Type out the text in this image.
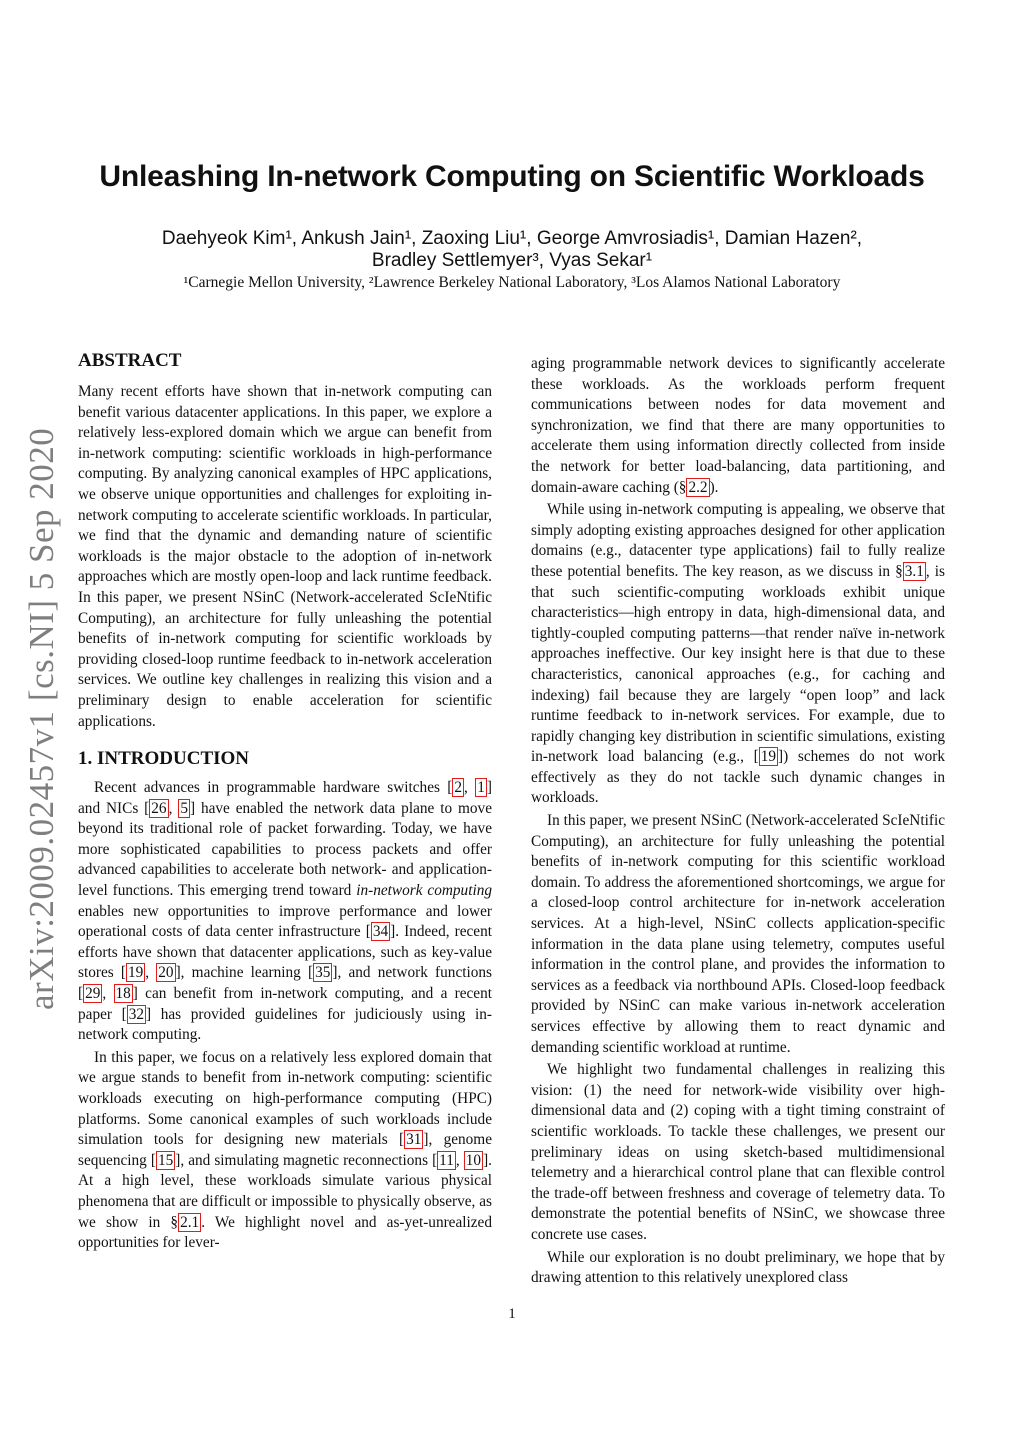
Unleashing In-network Computing on Scientific Workloads
Daehyeok Kim¹, Ankush Jain¹, Zaoxing Liu¹, George Amvrosiadis¹, Damian Hazen²,
Bradley Settlemyer³, Vyas Sekar¹
¹Carnegie Mellon University, ²Lawrence Berkeley National Laboratory, ³Los Alamos National Laboratory
arXiv:2009.02457v1 [cs.NI] 5 Sep 2020
ABSTRACT

Many recent efforts have shown that in-network computing can benefit various datacenter applications. In this paper, we explore a relatively less-explored domain which we argue can benefit from in-network computing: scientific workloads in high-performance computing. By analyzing canonical examples of HPC applications, we observe unique opportunities and challenges for exploiting in-network computing to accelerate scientific workloads. In particular, we find that the dynamic and demanding nature of scientific workloads is the major obstacle to the adoption of in-network approaches which are mostly open-loop and lack runtime feedback. In this paper, we present NSinC (Network-accelerated ScIeNtific Computing), an architecture for fully unleashing the potential benefits of in-network computing for scientific workloads by providing closed-loop runtime feedback to in-network acceleration services. We outline key challenges in realizing this vision and a preliminary design to enable acceleration for scientific applications.

1. INTRODUCTION

Recent advances in programmable hardware switches [ 2 , 1 ] and NICs [ 26 , 5 ] have enabled the network data plane to move beyond its traditional role of packet forwarding. Today, we have more sophisticated capabilities to process packets and offer advanced capabilities to accelerate both network- and application-level functions. This emerging trend toward in-network computing enables new opportunities to improve performance and lower operational costs of data center infrastructure [ 34 ]. Indeed, recent efforts have shown that datacenter applications, such as key-value stores [ 19 , 20 ], machine learning [ 35 ], and network functions [ 29 , 18 ] can benefit from in-network computing, and a recent paper [ 32 ] has provided guidelines for judiciously using in-network computing.

In this paper, we focus on a relatively less explored domain that we argue stands to benefit from in-network computing: scientific workloads executing on high-performance computing (HPC) platforms. Some canonical examples of such workloads include simulation tools for designing new materials [ 31 ], genome sequencing [ 15 ], and simulating magnetic reconnections [ 11 , 10 ]. At a high level, these workloads simulate various physical phenomena that are difficult or impossible to physically observe, as we show in § 2.1 . We highlight novel and as-yet-unrealized opportunities for lever-

aging programmable network devices to significantly accelerate these workloads. As the workloads perform frequent communications between nodes for data movement and synchronization, we find that there are many opportunities to accelerate them using information directly collected from inside the network for better load-balancing, data partitioning, and domain-aware caching (§ 2.2 ).

While using in-network computing is appealing, we observe that simply adopting existing approaches designed for other application domains (e.g., datacenter type applications) fail to fully realize these potential benefits. The key reason, as we discuss in § 3.1 , is that such scientific-computing workloads exhibit unique characteristics—high entropy in data, high-dimensional data, and tightly-coupled computing patterns—that render naïve in-network approaches ineffective. Our key insight here is that due to these characteristics, canonical approaches (e.g., for caching and indexing) fail because they are largely “open loop” and lack runtime feedback to in-network services. For example, due to rapidly changing key distribution in scientific simulations, existing in-network load balancing (e.g., [ 19 ]) schemes do not work effectively as they do not tackle such dynamic changes in workloads.

In this paper, we present NSinC (Network-accelerated ScIeNtific Computing), an architecture for fully unleashing the potential benefits of in-network computing for this scientific workload domain. To address the aforementioned shortcomings, we argue for a closed-loop control architecture for in-network acceleration services. At a high-level, NSinC collects application-specific information in the data plane using telemetry, computes useful information in the control plane, and provides the information to services as a feedback via northbound APIs. Closed-loop feedback provided by NSinC can make various in-network acceleration services effective by allowing them to react dynamic and demanding scientific workload at runtime.

We highlight two fundamental challenges in realizing this vision: (1) the need for network-wide visibility over high-dimensional data and (2) coping with a tight timing constraint of scientific workloads. To tackle these challenges, we present our preliminary ideas on using sketch-based multidimensional telemetry and a hierarchical control plane that can flexible control the trade-off between freshness and coverage of telemetry data. To demonstrate the potential benefits of NSinC, we showcase three concrete use cases.

While our exploration is no doubt preliminary, we hope that by drawing attention to this relatively unexplored class

1
